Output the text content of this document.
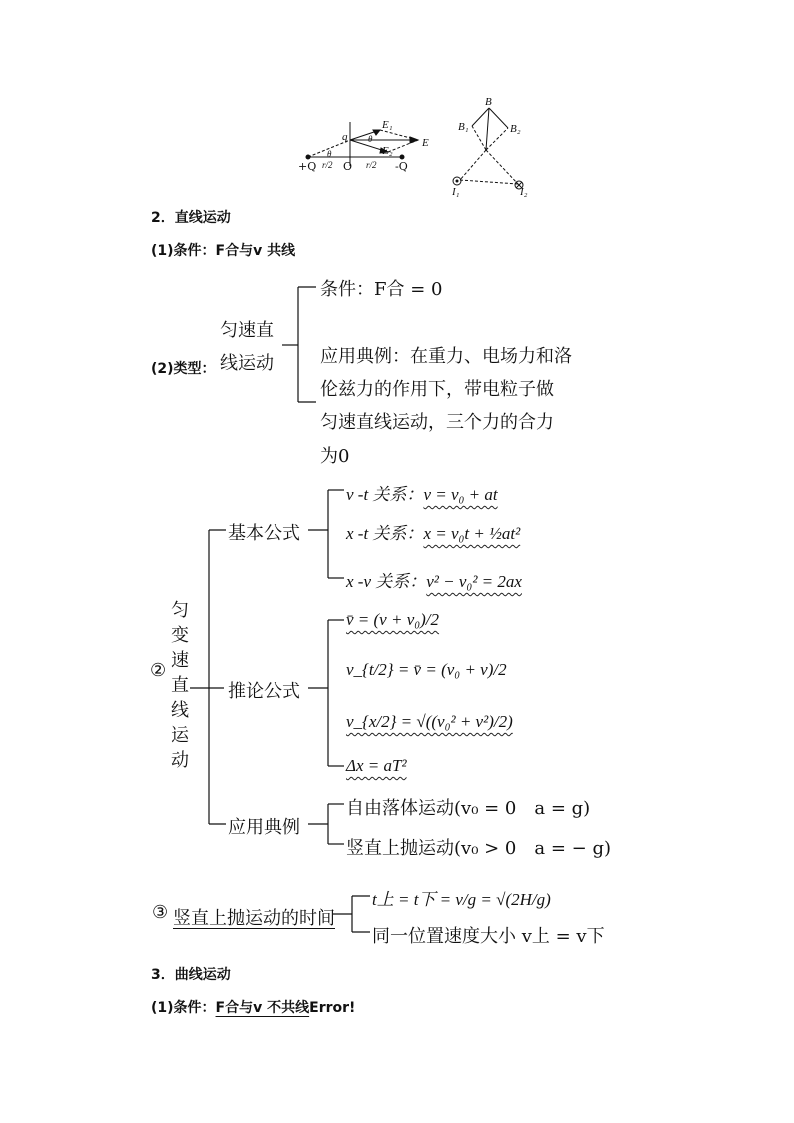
q
E₁
θ	E
E₂
θ
+Q r/2 O r/2 -Q
B
B₁	B₂
I₁	I₂
2．直线运动
(1)条件：F合与v 共线
(2)类型：
匀速直
线运动
条件：F合 = 0
应用典例：在重力、电场力和洛
伦兹力的作用下，带电粒子做
匀速直线运动，三个力的合力
为0
②
匀
变
速
直
线
运
动
基本公式
推论公式
应用典例
v -t 关系：v = v₀ + at
x -t 关系：x = v₀t + ½at²
x -v 关系：v² − v₀² = 2ax
v̄ = (v + v₀)/2
v_{t/2} = v̄ = (v₀ + v)/2
v_{x/2} = √((v₀² + v²)/2)
Δx = aT²
自由落体运动(v₀ = 0　a = g)
竖直上抛运动(v₀ > 0　a = − g)
③ 竖直上抛运动的时间
t上 = t下 = v/g = √(2H/g)
同一位置速度大小 v上 = v下
3．曲线运动
(1)条件：F合与v 不共线Error!
